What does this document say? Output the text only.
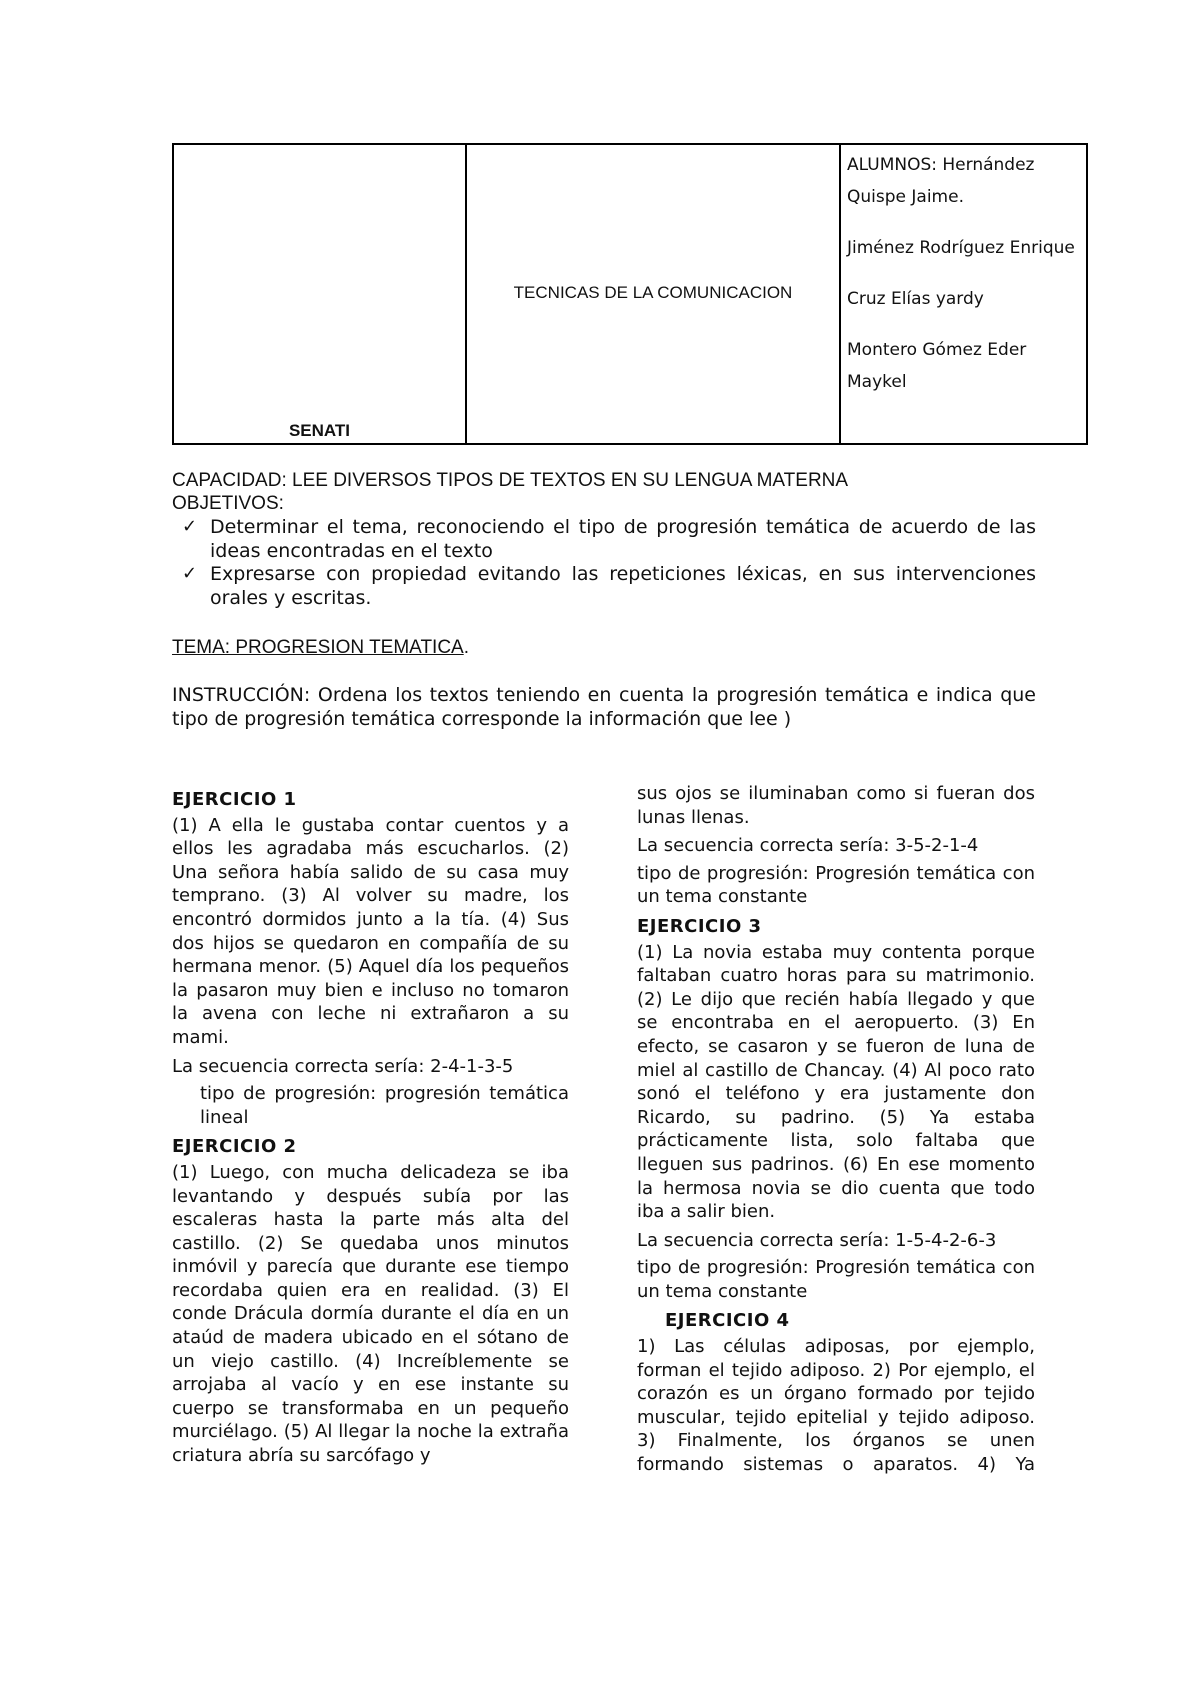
SENATI
TECNICAS DE LA COMUNICACION

ALUMNOS: Hernández Quispe Jaime.

Jiménez Rodríguez Enrique

Cruz Elías yardy

Montero Gómez Eder Maykel

CAPACIDAD: LEE DIVERSOS TIPOS DE TEXTOS EN SU LENGUA MATERNA
OBJETIVOS:
✓ Determinar el tema, reconociendo el tipo de progresión temática de acuerdo de las ideas encontradas en el texto
✓ Expresarse con propiedad evitando las repeticiones léxicas, en sus intervenciones orales y escritas.
TEMA: PROGRESION TEMATICA.
INSTRUCCIÓN: Ordena los textos teniendo en cuenta la progresión temática e indica que tipo de progresión temática corresponde la información que lee )

EJERCICIO 1

(1) A ella le gustaba contar cuentos y a ellos les agradaba más escucharlos. (2) Una señora había salido de su casa muy temprano. (3) Al volver su madre, los encontró dormidos junto a la tía. (4) Sus dos hijos se quedaron en compañía de su hermana menor. (5) Aquel día los pequeños la pasaron muy bien e incluso no tomaron la avena con leche ni extrañaron a su mami.

La secuencia correcta sería: 2-4-1-3-5

tipo de progresión: progresión temática lineal

EJERCICIO 2

(1) Luego, con mucha delicadeza se iba levantando y después subía por las escaleras hasta la parte más alta del castillo. (2) Se quedaba unos minutos inmóvil y parecía que durante ese tiempo recordaba quien era en realidad. (3) El conde Drácula dormía durante el día en un ataúd de madera ubicado en el sótano de un viejo castillo. (4) Increíblemente se arrojaba al vacío y en ese instante su cuerpo se transformaba en un pequeño murciélago. (5) Al llegar la noche la extraña criatura abría su sarcófago y

sus ojos se iluminaban como si fueran dos lunas llenas.

La secuencia correcta sería: 3-5-2-1-4

tipo de progresión: Progresión temática con un tema constante

EJERCICIO 3

(1) La novia estaba muy contenta porque faltaban cuatro horas para su matrimonio. (2) Le dijo que recién había llegado y que se encontraba en el aeropuerto. (3) En efecto, se casaron y se fueron de luna de miel al castillo de Chancay. (4) Al poco rato sonó el teléfono y era justamente don Ricardo, su padrino. (5) Ya estaba prácticamente lista, solo faltaba que lleguen sus padrinos. (6) En ese momento la hermosa novia se dio cuenta que todo iba a salir bien.

La secuencia correcta sería: 1-5-4-2-6-3

tipo de progresión: Progresión temática con un tema constante

EJERCICIO 4

1) Las células adiposas, por ejemplo, forman el tejido adiposo. 2) Por ejemplo, el corazón es un órgano formado por tejido muscular, tejido epitelial y tejido adiposo. 3) Finalmente, los órganos se unen formando sistemas o aparatos. 4) Ya
